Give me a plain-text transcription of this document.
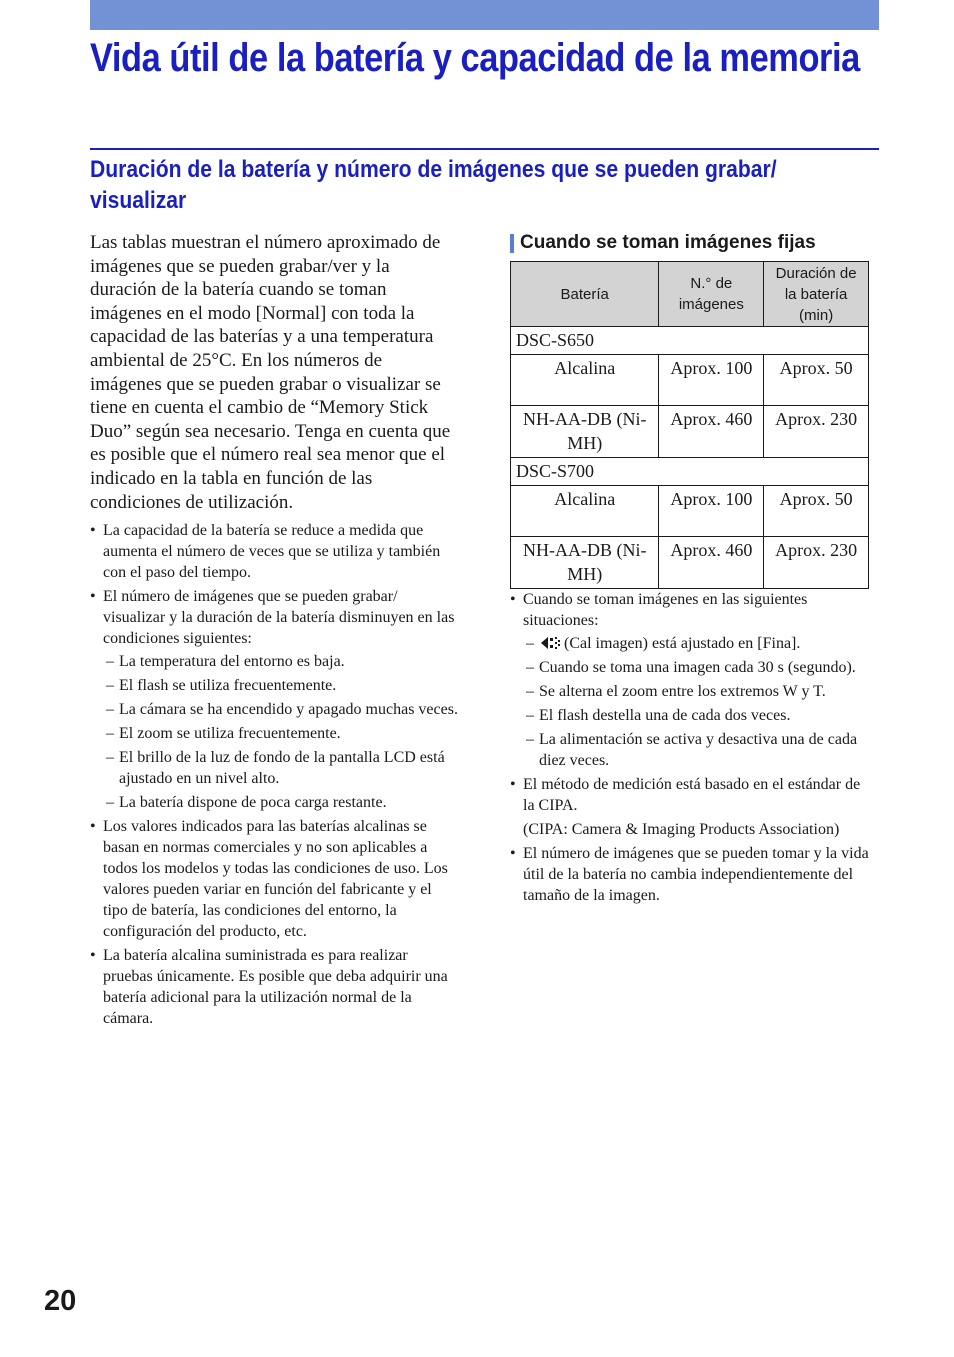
Vida útil de la batería y capacidad de la memoria
Duración de la batería y número de imágenes que se pueden grabar/ visualizar

Las tablas muestran el número aproximado de imágenes que se pueden grabar/ver y la duración de la batería cuando se toman imágenes en el modo [Normal] con toda la capacidad de las baterías y a una temperatura ambiental de 25°C. En los números de imágenes que se pueden grabar o visualizar se tiene en cuenta el cambio de “Memory Stick Duo” según sea necesario. Tenga en cuenta que es posible que el número real sea menor que el indicado en la tabla en función de las condiciones de utilización.

• La capacidad de la batería se reduce a medida que aumenta el número de veces que se utiliza y también con el paso del tiempo.
• El número de imágenes que se pueden grabar/ visualizar y la duración de la batería disminuyen en las condiciones siguientes:
– La temperatura del entorno es baja.
– El flash se utiliza frecuentemente.
– La cámara se ha encendido y apagado muchas veces.
– El zoom se utiliza frecuentemente.
– El brillo de la luz de fondo de la pantalla LCD está ajustado en un nivel alto.
– La batería dispone de poca carga restante.
• Los valores indicados para las baterías alcalinas se basan en normas comerciales y no son aplicables a todos los modelos y todas las condiciones de uso. Los valores pueden variar en función del fabricante y el tipo de batería, las condiciones del entorno, la configuración del producto, etc.
• La batería alcalina suministrada es para realizar pruebas únicamente. Es posible que deba adquirir una batería adicional para la utilización normal de la cámara.
Cuando se toman imágenes fijas
Batería	N.° de imágenes	Duración de la batería (min)
DSC-S650		
Alcalina	Aprox. 100	Aprox. 50
NH-AA-DB (Ni-MH)	Aprox. 460	Aprox. 230
DSC-S700		
Alcalina	Aprox. 100	Aprox. 50
NH-AA-DB (Ni-MH)	Aprox. 460	Aprox. 230
• Cuando se toman imágenes en las siguientes situaciones:
– (Cal imagen) está ajustado en [Fina].
– Cuando se toma una imagen cada 30 s (segundo).
– Se alterna el zoom entre los extremos W y T.
– El flash destella una de cada dos veces.
– La alimentación se activa y desactiva una de cada diez veces.
• El método de medición está basado en el estándar de la CIPA.
(CIPA: Camera & Imaging Products Association)
• El número de imágenes que se pueden tomar y la vida útil de la batería no cambia independientemente del tamaño de la imagen.
20
